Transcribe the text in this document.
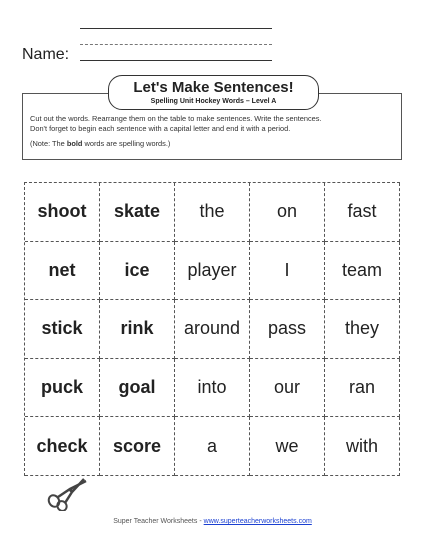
Name:
Let's Make Sentences!
Spelling Unit Hockey Words – Level A
Cut out the words. Rearrange them on the table to make sentences. Write the sentences.
Don't forget to begin each sentence with a capital letter and end it with a period.
(Note: The bold words are spelling words.)
shoot	skate	the	on	fast
net	ice	player	I	team
stick	rink	around	pass	they
puck	goal	into	our	ran
check	score	a	we	with
Super Teacher Worksheets - www.superteacherworksheets.com
